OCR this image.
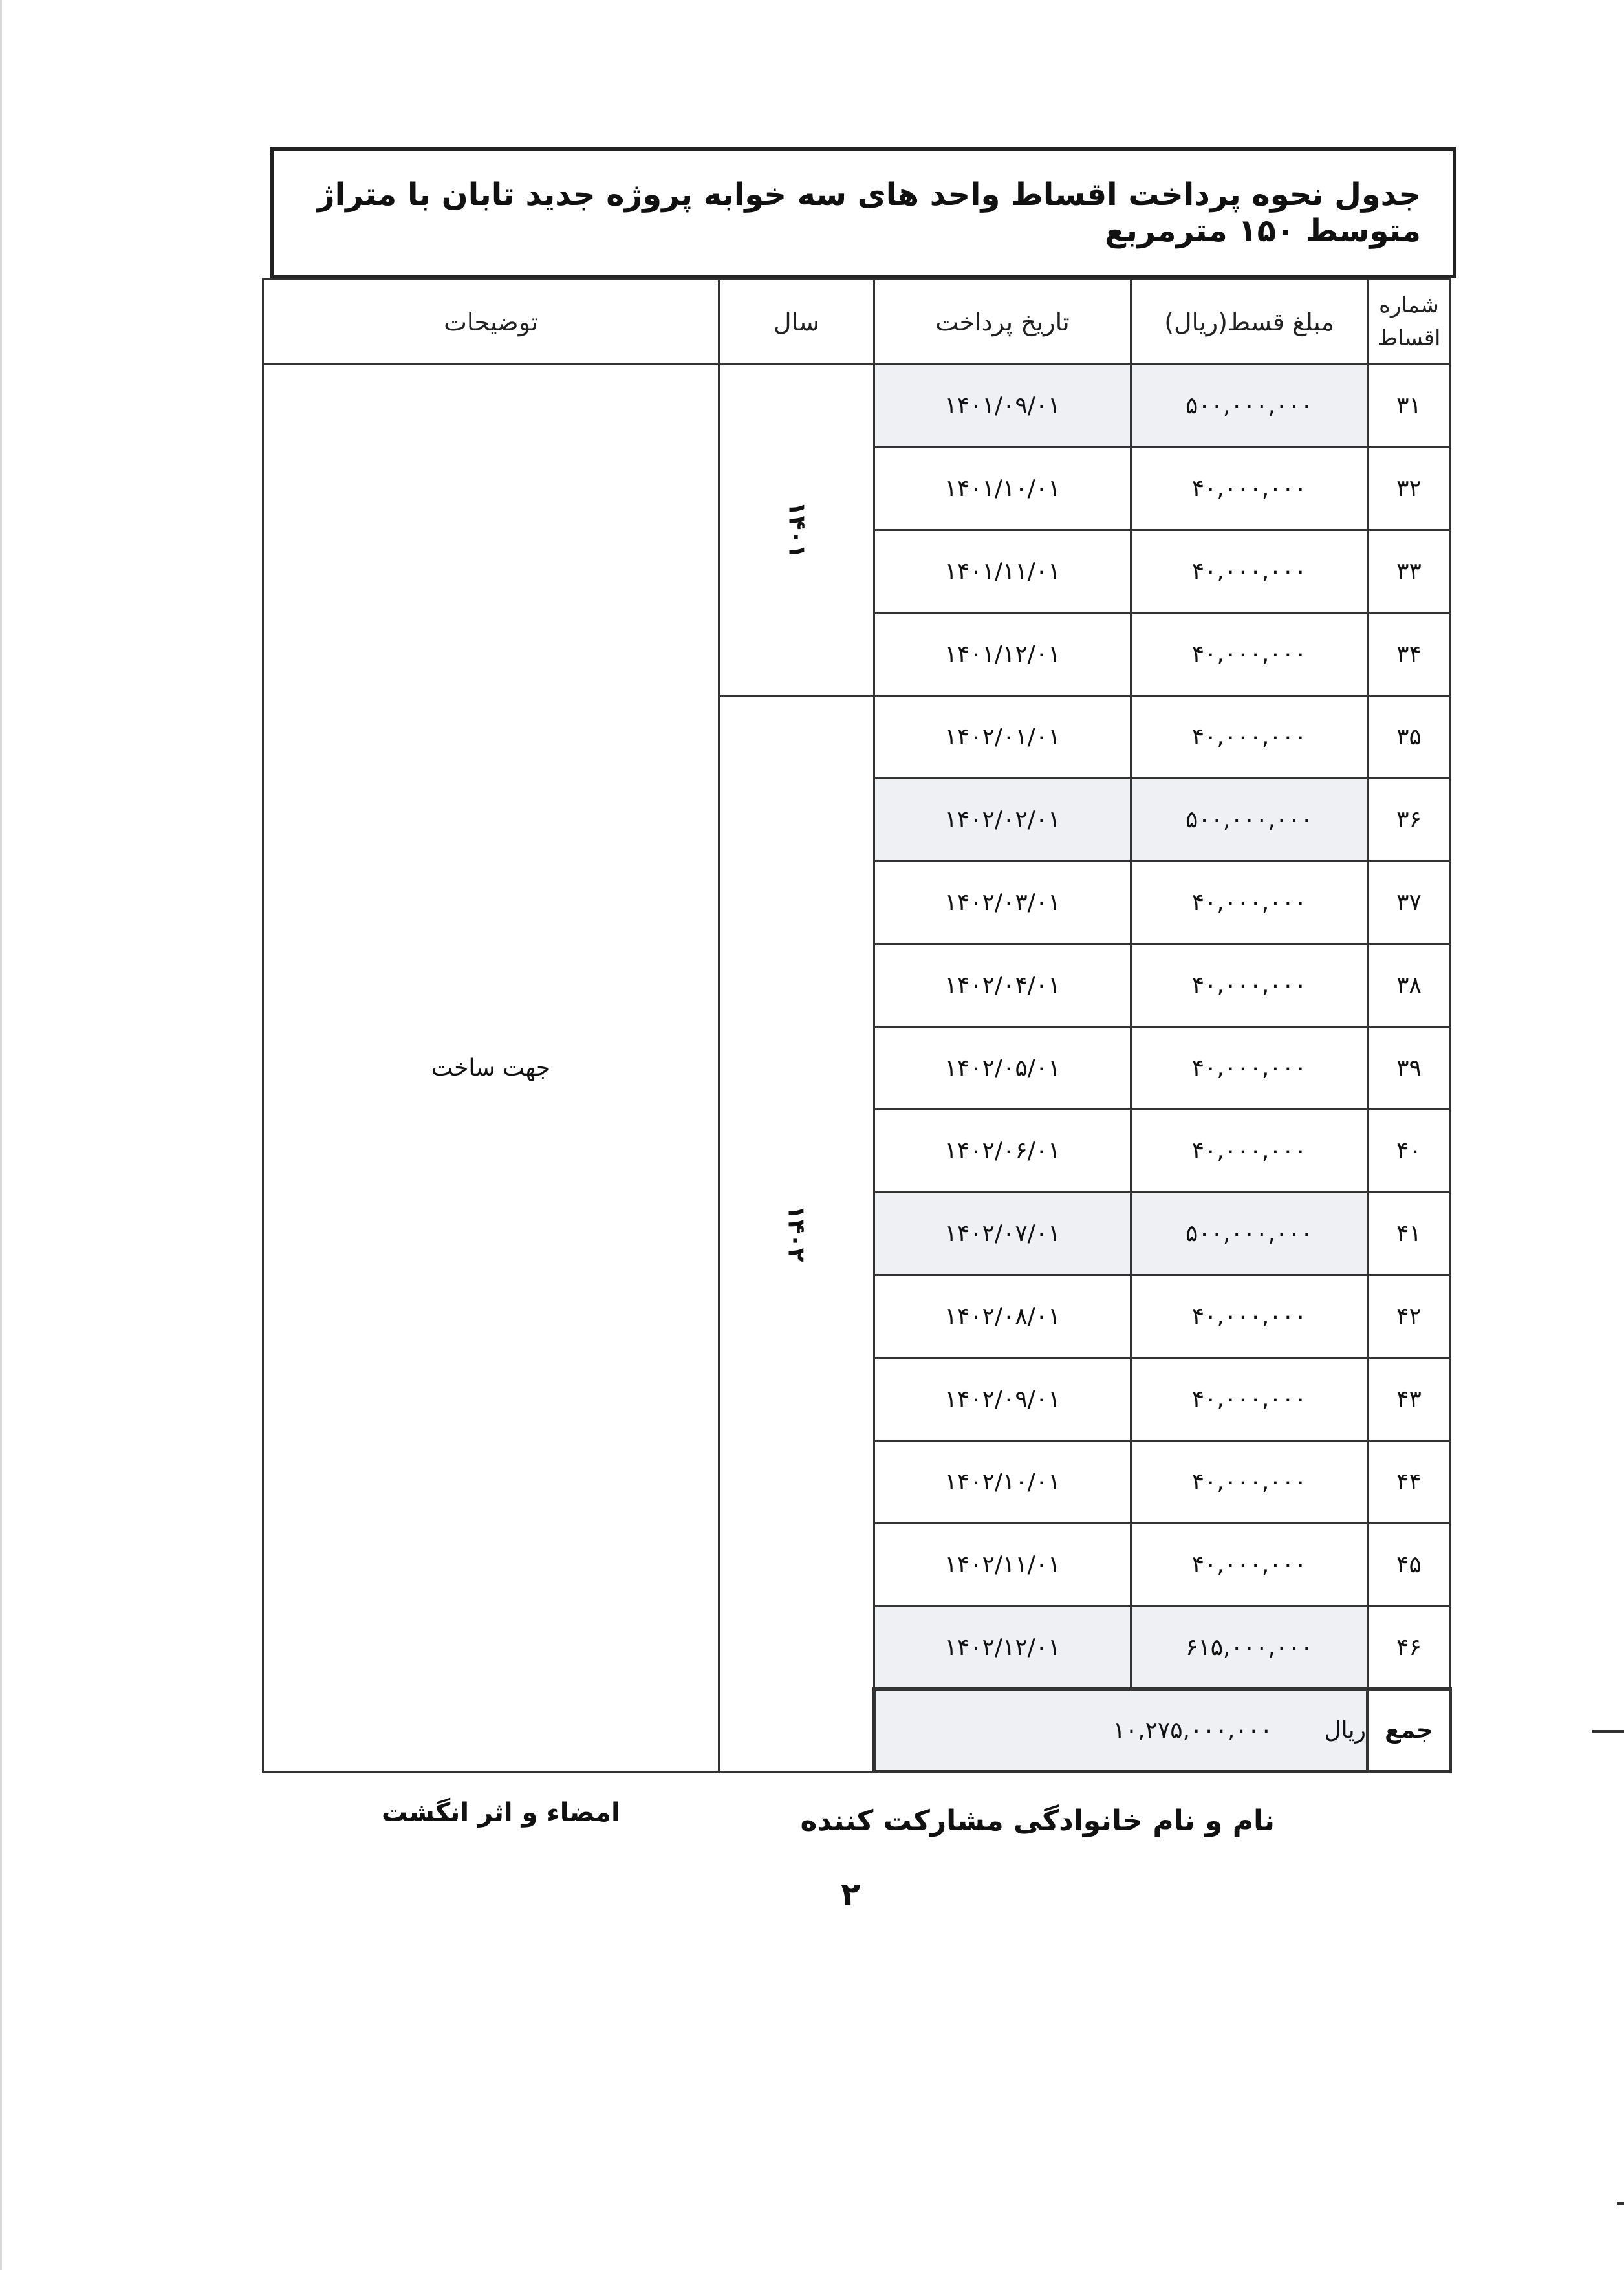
جدول نحوه پرداخت اقساط واحد های سه خوابه پروژه جدید تابان با متراژ متوسط ۱۵۰ مترمربع
شماره
اقساط	مبلغ قسط(ریال)	تاریخ پرداخت	سال	توضیحات
۳۱	۵۰۰,۰۰۰,۰۰۰	۱۴۰۱/۰۹/۰۱	۱۴۰۱	جهت ساخت
۳۲	۴۰,۰۰۰,۰۰۰	۱۴۰۱/۱۰/۰۱		
۳۳	۴۰,۰۰۰,۰۰۰	۱۴۰۱/۱۱/۰۱		
۳۴	۴۰,۰۰۰,۰۰۰	۱۴۰۱/۱۲/۰۱		
۳۵	۴۰,۰۰۰,۰۰۰	۱۴۰۲/۰۱/۰۱	۱۴۰۲	
۳۶	۵۰۰,۰۰۰,۰۰۰	۱۴۰۲/۰۲/۰۱		
۳۷	۴۰,۰۰۰,۰۰۰	۱۴۰۲/۰۳/۰۱		
۳۸	۴۰,۰۰۰,۰۰۰	۱۴۰۲/۰۴/۰۱		
۳۹	۴۰,۰۰۰,۰۰۰	۱۴۰۲/۰۵/۰۱		
۴۰	۴۰,۰۰۰,۰۰۰	۱۴۰۲/۰۶/۰۱		
۴۱	۵۰۰,۰۰۰,۰۰۰	۱۴۰۲/۰۷/۰۱		
۴۲	۴۰,۰۰۰,۰۰۰	۱۴۰۲/۰۸/۰۱		
۴۳	۴۰,۰۰۰,۰۰۰	۱۴۰۲/۰۹/۰۱		
۴۴	۴۰,۰۰۰,۰۰۰	۱۴۰۲/۱۰/۰۱		
۴۵	۴۰,۰۰۰,۰۰۰	۱۴۰۲/۱۱/۰۱		
۴۶	۶۱۵,۰۰۰,۰۰۰	۱۴۰۲/۱۲/۰۱		
جمع	۱۰,۲۷۵,۰۰۰,۰۰۰ ریال			
نام و نام خانوادگی مشارکت کننده
امضاء و اثر انگشت
۲
